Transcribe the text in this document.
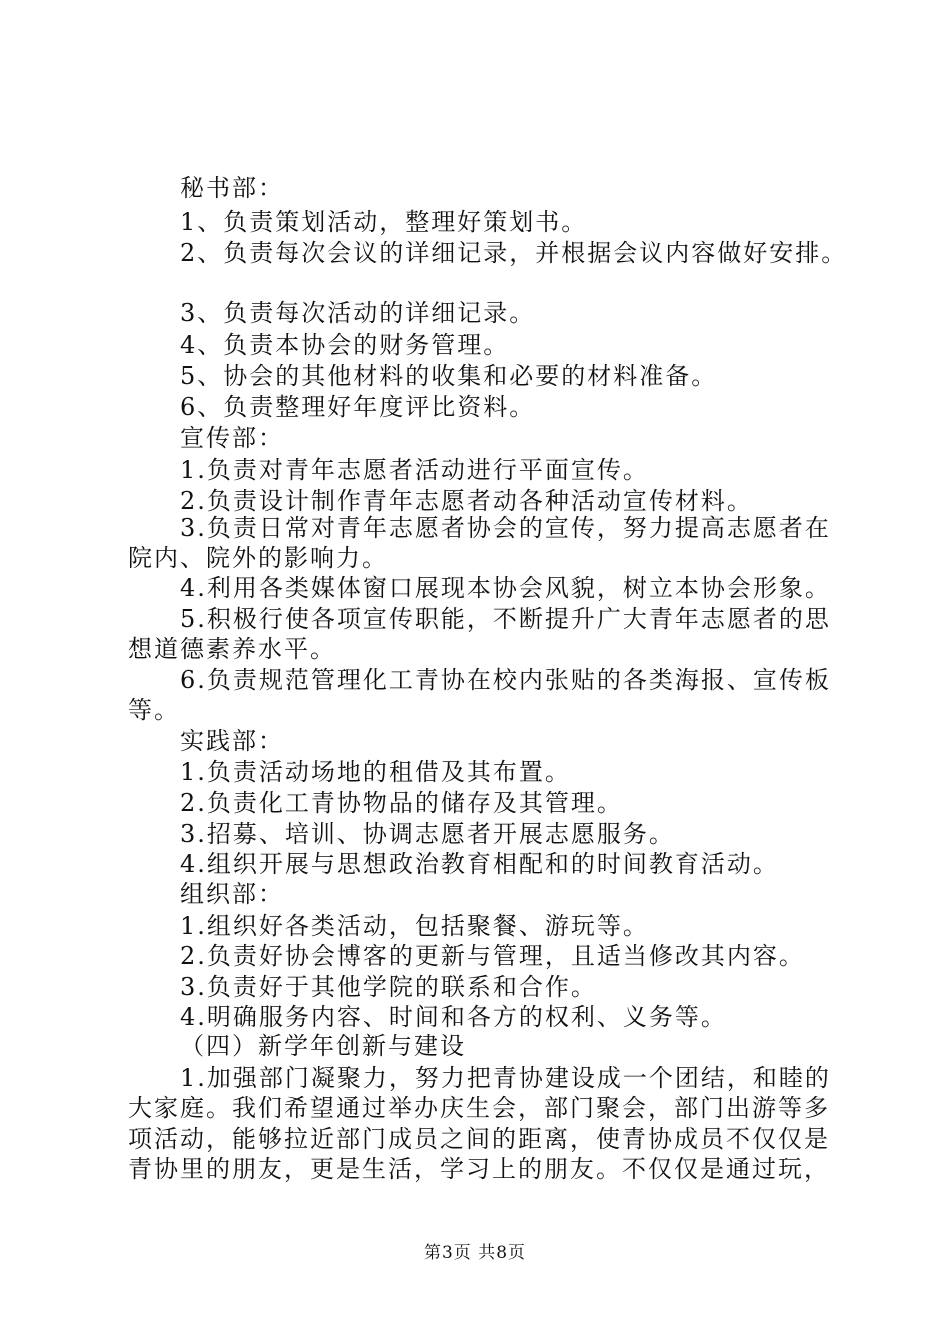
秘书部：
1、负责策划活动，整理好策划书。
2、负责每次会议的详细记录，并根据会议内容做好安排。
3、负责每次活动的详细记录。
4、负责本协会的财务管理。
5、协会的其他材料的收集和必要的材料准备。
6、负责整理好年度评比资料。
宣传部：
1.负责对青年志愿者活动进行平面宣传。
2.负责设计制作青年志愿者动各种活动宣传材料。
3.负责日常对青年志愿者协会的宣传，努力提高志愿者在
院内、院外的影响力。
4.利用各类媒体窗口展现本协会风貌，树立本协会形象。
5.积极行使各项宣传职能，不断提升广大青年志愿者的思
想道德素养水平。
6.负责规范管理化工青协在校内张贴的各类海报、宣传板
等。
实践部：
1.负责活动场地的租借及其布置。
2.负责化工青协物品的储存及其管理。
3.招募、培训、协调志愿者开展志愿服务。
4.组织开展与思想政治教育相配和的时间教育活动。
组织部：
1.组织好各类活动，包括聚餐、游玩等。
2.负责好协会博客的更新与管理，且适当修改其内容。
3.负责好于其他学院的联系和合作。
4.明确服务内容、时间和各方的权利、义务等。
（四）新学年创新与建设
1.加强部门凝聚力，努力把青协建设成一个团结，和睦的
大家庭。我们希望通过举办庆生会，部门聚会，部门出游等多
项活动，能够拉近部门成员之间的距离，使青协成员不仅仅是
青协里的朋友，更是生活，学习上的朋友。不仅仅是通过玩，
第3页 共8页
